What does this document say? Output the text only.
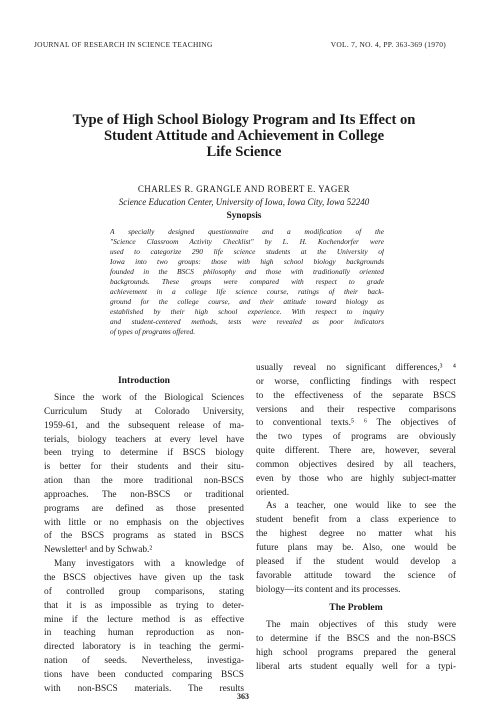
JOURNAL OF RESEARCH IN SCIENCE TEACHING	VOL. 7, NO. 4, PP. 363-369 (1970)
Type of High School Biology Program and Its Effect on
Student Attitude and Achievement in College
Life Science
CHARLES R. GRANGLE AND ROBERT E. YAGER
Science Education Center, University of Iowa, Iowa City, Iowa 52240
Synopsis
A specially designed questionnaire and a modification of the
"Science Classroom Activity Checklist" by L. H. Kochendorfer were
used to categorize 290 life science students at the University of
Iowa into two groups: those with high school biology backgrounds
founded in the BSCS philosophy and those with traditionally oriented
backgrounds. These groups were compared with respect to grade
achievement in a college life science course, ratings of their back-
ground for the college course, and their attitude toward biology as
established by their high school experience. With respect to inquiry
and student-centered methods, tests were revealed as poor indicators
of types of programs offered.
Introduction
Since the work of the Biological Sciences
Curriculum Study at Colorado University,
1959-61, and the subsequent release of ma-
terials, biology teachers at every level have
been trying to determine if BSCS biology
is better for their students and their situ-
ation than the more traditional non-BSCS
approaches. The non-BSCS or traditional
programs are defined as those presented
with little or no emphasis on the objectives
of the BSCS programs as stated in BSCS
Newsletter¹ and by Schwab.²
Many investigators with a knowledge of
the BSCS objectives have given up the task
of controlled group comparisons, stating
that it is as impossible as trying to deter-
mine if the lecture method is as effective
in teaching human reproduction as non-
directed laboratory is in teaching the germi-
nation of seeds. Nevertheless, investiga-
tions have been conducted comparing BSCS
with non-BSCS materials. The results
usually reveal no significant differences,³ ⁴
or worse, conflicting findings with respect
to the effectiveness of the separate BSCS
versions and their respective comparisons
to conventional texts.⁵ ⁶ The objectives of
the two types of programs are obviously
quite different. There are, however, several
common objectives desired by all teachers,
even by those who are highly subject-matter
oriented.
As a teacher, one would like to see the
student benefit from a class experience to
the highest degree no matter what his
future plans may be. Also, one would be
pleased if the student would develop a
favorable attitude toward the science of
biology—its content and its processes.
The Problem
The main objectives of this study were
to determine if the BSCS and the non-BSCS
high school programs prepared the general
liberal arts student equally well for a typi-
363
